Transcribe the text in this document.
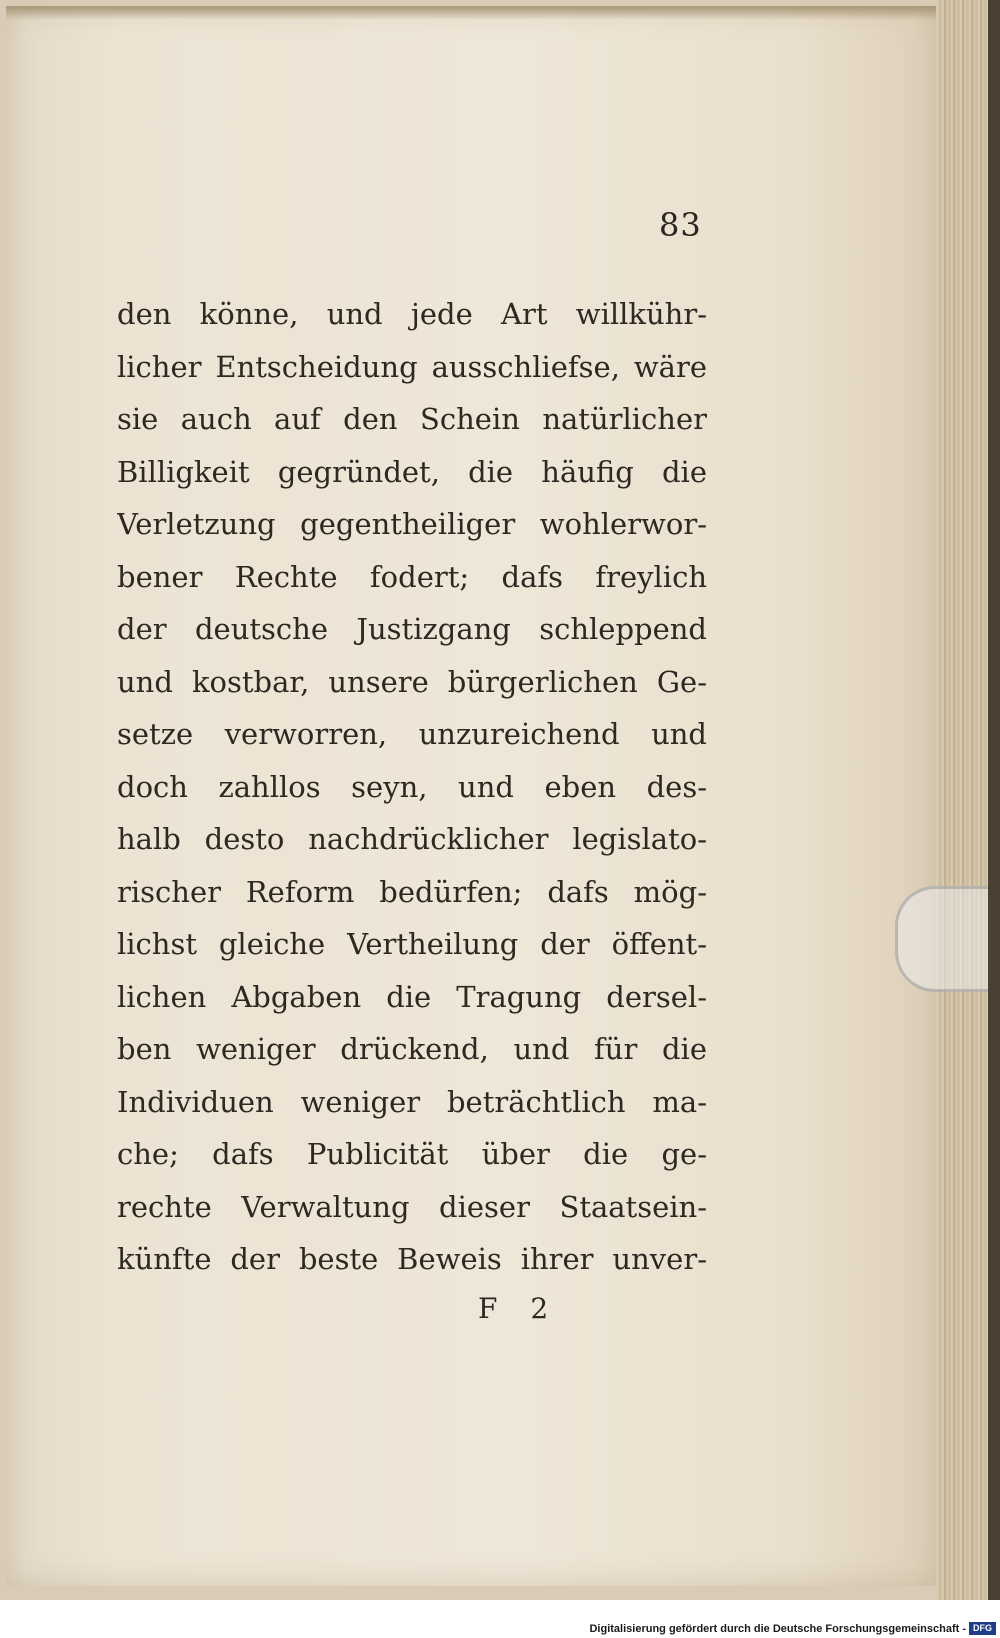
83
den könne, und jede Art willkühr-
licher Entscheidung ausschliefse, wäre
sie auch auf den Schein natürlicher
Billigkeit gegründet, die häufig die
Verletzung gegentheiliger wohlerwor-
bener Rechte fodert; dafs freylich
der deutsche Justizgang schleppend
und kostbar, unsere bürgerlichen Ge-
setze verworren, unzureichend und
doch zahllos seyn, und eben des-
halb desto nachdrücklicher legislato-
rischer Reform bedürfen; dafs mög-
lichst gleiche Vertheilung der öffent-
lichen Abgaben die Tragung dersel-
ben weniger drückend, und für die
Individuen weniger beträchtlich ma-
che; dafs Publicität über die ge-
rechte Verwaltung dieser Staatsein-
künfte der beste Beweis ihrer unver-
F 2
Digitalisierung gefördert durch die Deutsche Forschungsgemeinschaft - DFG
